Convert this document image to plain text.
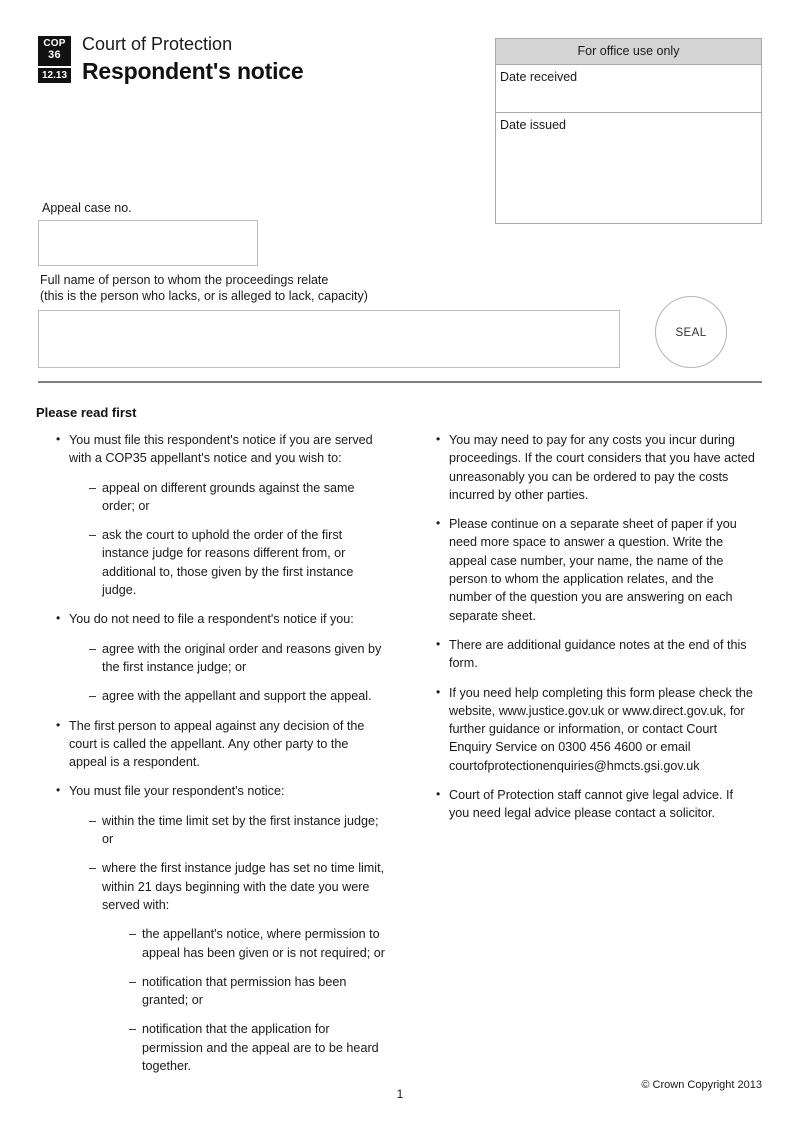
COP
36
12.13
Court of Protection
Respondent's notice
For office use only
Date received
Date issued
Appeal case no.
Full name of person to whom the proceedings relate
(this is the person who lacks, or is alleged to lack, capacity)
SEAL
Please read first
• You must file this respondent's notice if you are served with a COP35 appellant's notice and you wish to:
– appeal on different grounds against the same order; or
– ask the court to uphold the order of the first instance judge for reasons different from, or additional to, those given by the first instance judge.
• You do not need to file a respondent's notice if you:
– agree with the original order and reasons given by the first instance judge; or
– agree with the appellant and support the appeal.
• The first person to appeal against any decision of the court is called the appellant. Any other party to the appeal is a respondent.
• You must file your respondent's notice:
– within the time limit set by the first instance judge; or
– where the first instance judge has set no time limit, within 21 days beginning with the date you were served with:
– the appellant's notice, where permission to appeal has been given or is not required; or
– notification that permission has been granted; or
– notification that the application for permission and the appeal are to be heard together.
• You may need to pay for any costs you incur during proceedings. If the court considers that you have acted unreasonably you can be ordered to pay the costs incurred by other parties.
• Please continue on a separate sheet of paper if you need more space to answer a question. Write the appeal case number, your name, the name of the person to whom the application relates, and the number of the question you are answering on each separate sheet.
• There are additional guidance notes at the end of this form.
• If you need help completing this form please check the website, www.justice.gov.uk or www.direct.gov.uk, for further guidance or information, or contact Court Enquiry Service on 0300 456 4600 or email courtofprotectionenquiries@hmcts.gsi.gov.uk
• Court of Protection staff cannot give legal advice. If you need legal advice please contact a solicitor.
1
© Crown Copyright 2013
